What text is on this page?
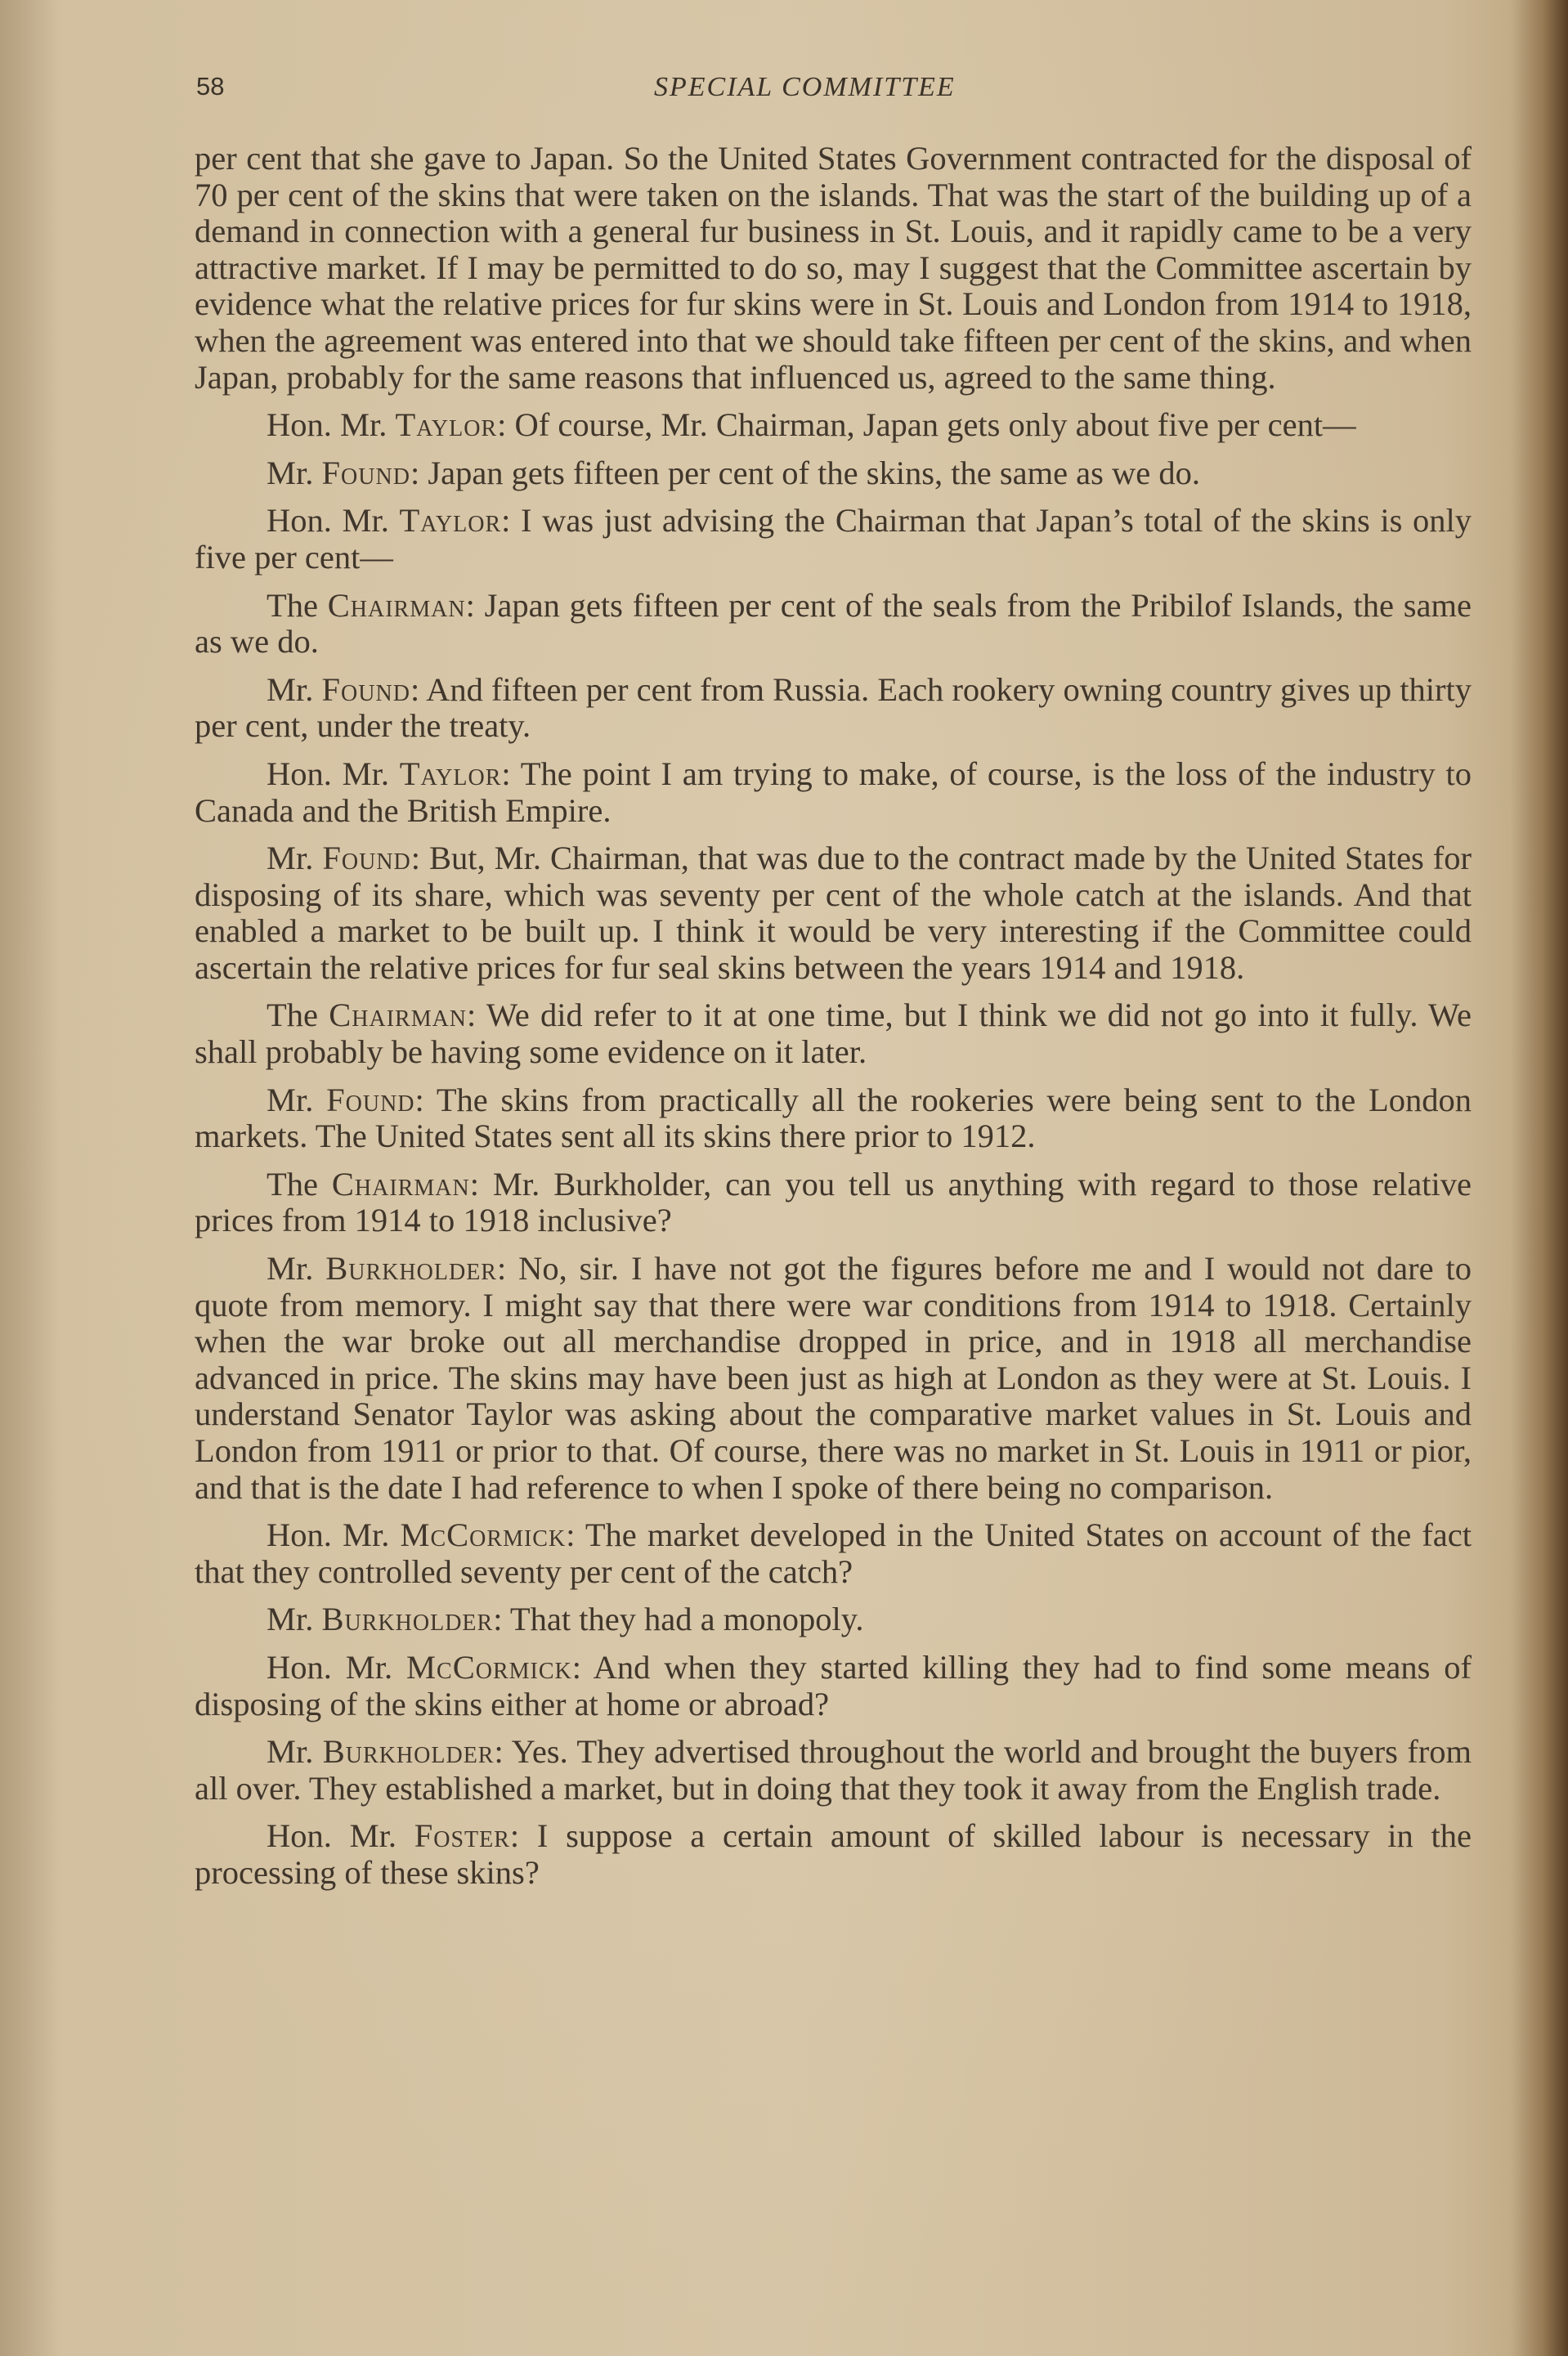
58	SPECIAL COMMITTEE

per cent that she gave to Japan. So the United States Government contracted for the disposal of 70 per cent of the skins that were taken on the islands. That was the start of the building up of a demand in connection with a general fur business in St. Louis, and it rapidly came to be a very attractive market. If I may be permitted to do so, may I suggest that the Committee ascertain by evidence what the relative prices for fur skins were in St. Louis and London from 1914 to 1918, when the agreement was entered into that we should take fifteen per cent of the skins, and when Japan, probably for the same reasons that influenced us, agreed to the same thing.

Hon. Mr. Taylor: Of course, Mr. Chairman, Japan gets only about five per cent—

Mr. Found: Japan gets fifteen per cent of the skins, the same as we do.

Hon. Mr. Taylor: I was just advising the Chairman that Japan’s total of the skins is only five per cent—

The Chairman: Japan gets fifteen per cent of the seals from the Pribilof Islands, the same as we do.

Mr. Found: And fifteen per cent from Russia. Each rookery owning country gives up thirty per cent, under the treaty.

Hon. Mr. Taylor: The point I am trying to make, of course, is the loss of the industry to Canada and the British Empire.

Mr. Found: But, Mr. Chairman, that was due to the contract made by the United States for disposing of its share, which was seventy per cent of the whole catch at the islands. And that enabled a market to be built up. I think it would be very interesting if the Committee could ascertain the relative prices for fur seal skins between the years 1914 and 1918.

The Chairman: We did refer to it at one time, but I think we did not go into it fully. We shall probably be having some evidence on it later.

Mr. Found: The skins from practically all the rookeries were being sent to the London markets. The United States sent all its skins there prior to 1912.

The Chairman: Mr. Burkholder, can you tell us anything with regard to those relative prices from 1914 to 1918 inclusive?

Mr. Burkholder: No, sir. I have not got the figures before me and I would not dare to quote from memory. I might say that there were war conditions from 1914 to 1918. Certainly when the war broke out all merchandise dropped in price, and in 1918 all merchandise advanced in price. The skins may have been just as high at London as they were at St. Louis. I understand Senator Taylor was asking about the comparative market values in St. Louis and London from 1911 or prior to that. Of course, there was no market in St. Louis in 1911 or pior, and that is the date I had reference to when I spoke of there being no comparison.

Hon. Mr. McCormick: The market developed in the United States on account of the fact that they controlled seventy per cent of the catch?

Mr. Burkholder: That they had a monopoly.

Hon. Mr. McCormick: And when they started killing they had to find some means of disposing of the skins either at home or abroad?

Mr. Burkholder: Yes. They advertised throughout the world and brought the buyers from all over. They established a market, but in doing that they took it away from the English trade.

Hon. Mr. Foster: I suppose a certain amount of skilled labour is necessary in the processing of these skins?
